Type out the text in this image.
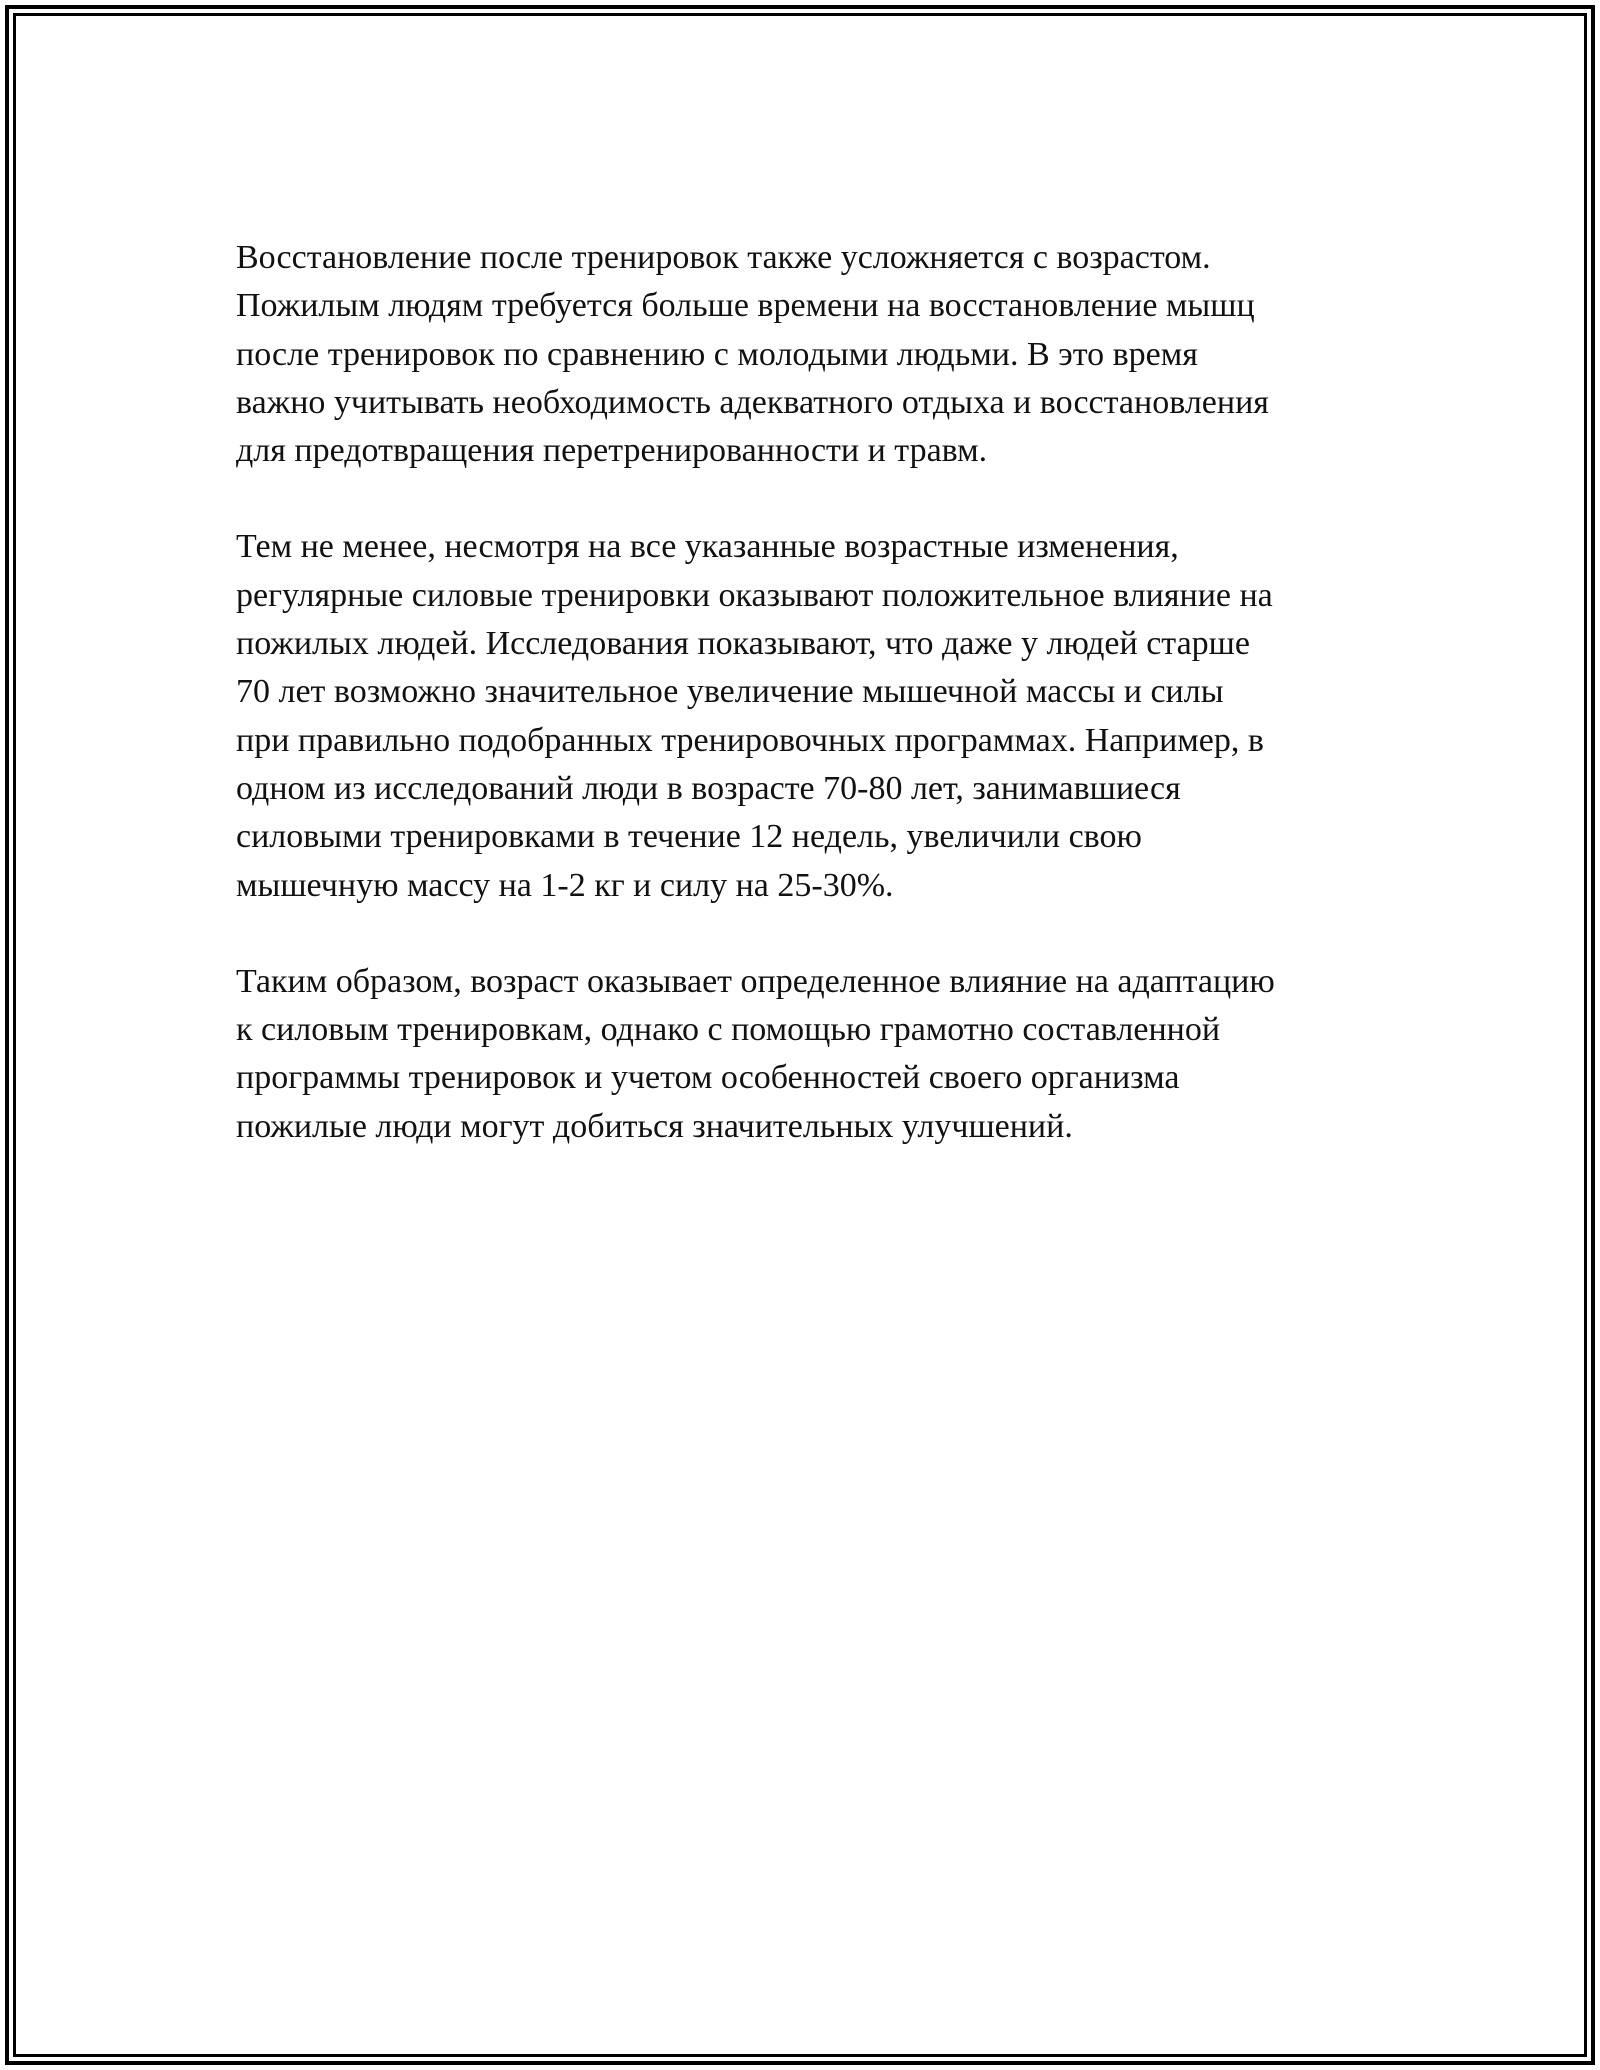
Восстановление после тренировок также усложняется с возрастом.
Пожилым людям требуется больше времени на восстановление мышц
после тренировок по сравнению с молодыми людьми. В это время
важно учитывать необходимость адекватного отдыха и восстановления
для предотвращения перетренированности и травм.

Тем не менее, несмотря на все указанные возрастные изменения,
регулярные силовые тренировки оказывают положительное влияние на
пожилых людей. Исследования показывают, что даже у людей старше
70 лет возможно значительное увеличение мышечной массы и силы
при правильно подобранных тренировочных программах. Например, в
одном из исследований люди в возрасте 70-80 лет, занимавшиеся
силовыми тренировками в течение 12 недель, увеличили свою
мышечную массу на 1-2 кг и силу на 25-30%.

Таким образом, возраст оказывает определенное влияние на адаптацию
к силовым тренировкам, однако с помощью грамотно составленной
программы тренировок и учетом особенностей своего организма
пожилые люди могут добиться значительных улучшений.
